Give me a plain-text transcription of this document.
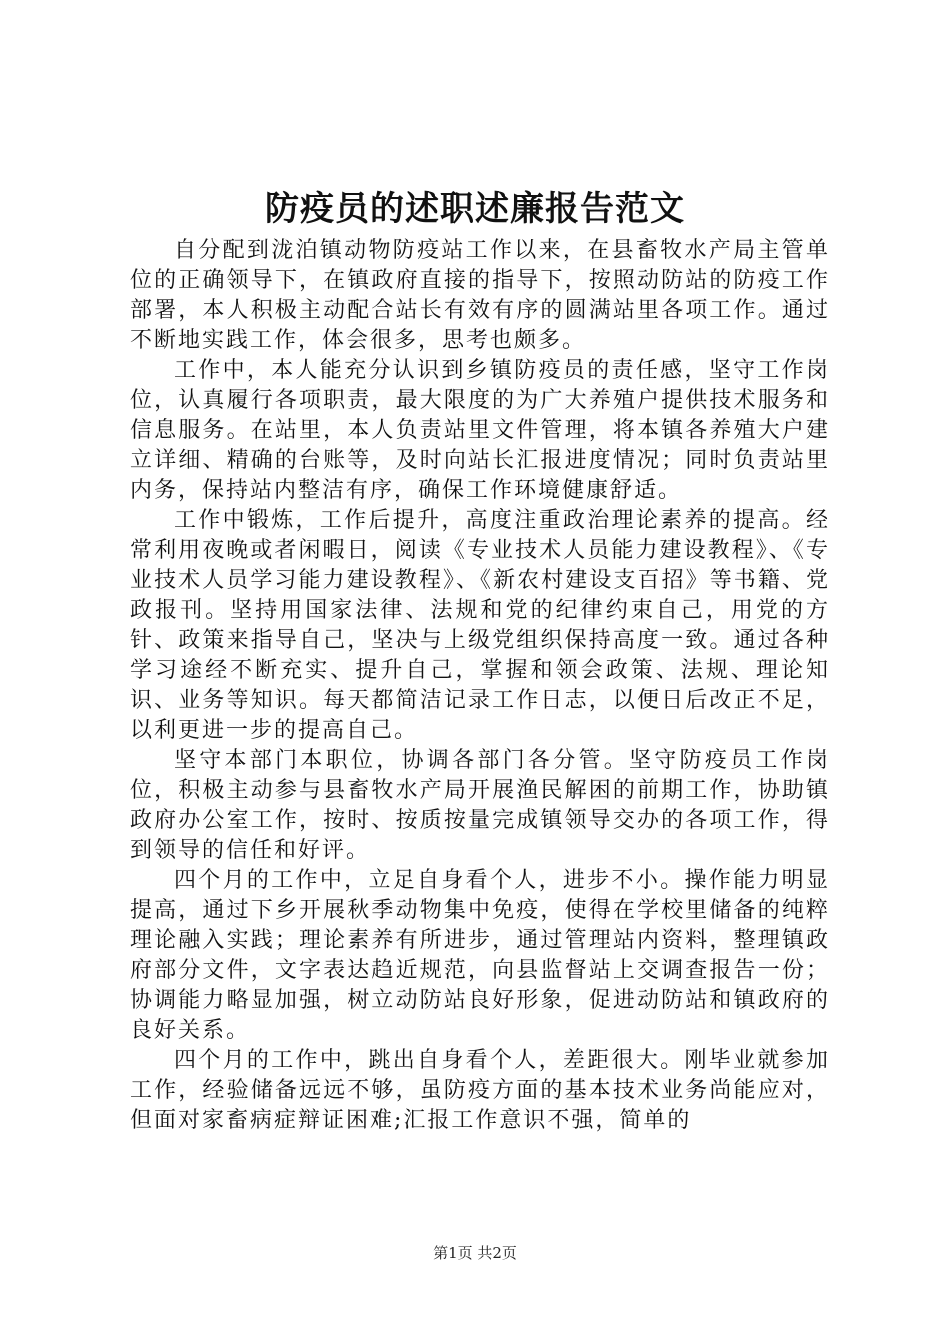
防疫员的述职述廉报告范文

自分配到泷泊镇动物防疫站工作以来，在县畜牧水产局主管单位的正确领导下，在镇政府直接的指导下，按照动防站的防疫工作部署，本人积极主动配合站长有效有序的圆满站里各项工作。通过不断地实践工作，体会很多，思考也颇多。

工作中，本人能充分认识到乡镇防疫员的责任感，坚守工作岗位，认真履行各项职责，最大限度的为广大养殖户提供技术服务和信息服务。在站里，本人负责站里文件管理，将本镇各养殖大户建立详细、精确的台账等，及时向站长汇报进度情况；同时负责站里内务，保持站内整洁有序，确保工作环境健康舒适。

工作中锻炼，工作后提升，高度注重政治理论素养的提高。经常利用夜晚或者闲暇日，阅读《专业技术人员能力建设教程》、《专业技术人员学习能力建设教程》、《新农村建设支百招》等书籍、党政报刊。坚持用国家法律、法规和党的纪律约束自己，用党的方针、政策来指导自己，坚决与上级党组织保持高度一致。通过各种学习途经不断充实、提升自己，掌握和领会政策、法规、理论知识、业务等知识。每天都简洁记录工作日志，以便日后改正不足，以利更进一步的提高自己。

坚守本部门本职位，协调各部门各分管。坚守防疫员工作岗位，积极主动参与县畜牧水产局开展渔民解困的前期工作，协助镇政府办公室工作，按时、按质按量完成镇领导交办的各项工作，得到领导的信任和好评。

四个月的工作中，立足自身看个人，进步不小。操作能力明显提高，通过下乡开展秋季动物集中免疫，使得在学校里储备的纯粹理论融入实践；理论素养有所进步，通过管理站内资料，整理镇政府部分文件，文字表达趋近规范，向县监督站上交调查报告一份；协调能力略显加强，树立动防站良好形象，促进动防站和镇政府的良好关系。

四个月的工作中，跳出自身看个人，差距很大。刚毕业就参加工作，经验储备远远不够，虽防疫方面的基本技术业务尚能应对，但面对家畜病症辩证困难;汇报工作意识不强，简单的

第1页 共2页
